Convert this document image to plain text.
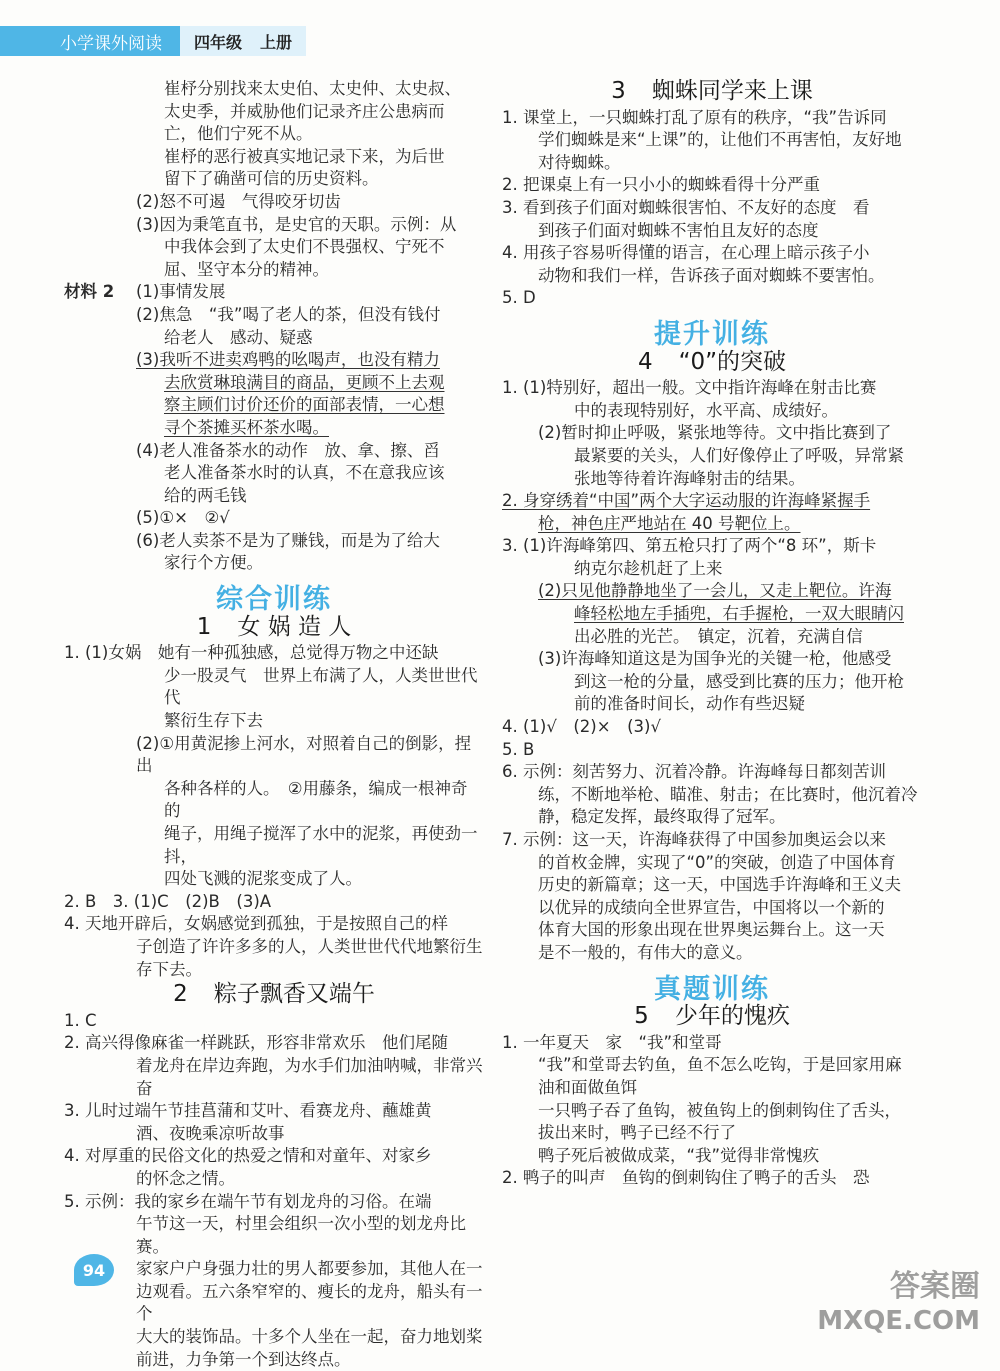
小学课外阅读	四年级 上册
崔杼分别找来太史伯、太史仲、太史叔、
太史季，并威胁他们记录齐庄公患病而
亡，他们宁死不从。
崔杼的恶行被真实地记录下来，为后世
留下了确凿可信的历史资料。
(2)怒不可遏　气得咬牙切齿
(3)因为秉笔直书，是史官的天职。示例：从
中我体会到了太史们不畏强权、宁死不
屈、坚守本分的精神。
材料 2 (1)事情发展
(2)焦急　“我”喝了老人的茶，但没有钱付
给老人　感动、疑惑
(3)我听不进卖鸡鸭的吆喝声，也没有精力
去欣赏琳琅满目的商品，更顾不上去观
察主顾们讨价还价的面部表情，一心想
寻个茶摊买杯茶水喝。
(4)老人准备茶水的动作　放、拿、擦、舀
老人准备茶水时的认真，不在意我应该
给的两毛钱
(5)①×　②√
(6)老人卖茶不是为了赚钱，而是为了给大
家行个方便。
综合训练
1 女 娲 造 人
1. (1)女娲　她有一种孤独感，总觉得万物之中还缺
少一股灵气　世界上布满了人，人类世世代代
繁衍生存下去
(2)①用黄泥掺上河水，对照着自己的倒影，捏出
各种各样的人。　②用藤条，编成一根神奇的
绳子，用绳子搅浑了水中的泥浆，再使劲一抖，
四处飞溅的泥浆变成了人。
2. B　3. (1)C　(2)B　(3)A
4. 天地开辟后，女娲感觉到孤独，于是按照自己的样
子创造了许许多多的人，人类世世代代地繁衍生
存下去。
2 粽子飘香又端午
1. C
2. 高兴得像麻雀一样跳跃，形容非常欢乐　他们尾随
着龙舟在岸边奔跑，为水手们加油呐喊，非常兴奋
3. 儿时过端午节挂菖蒲和艾叶、看赛龙舟、蘸雄黄
酒、夜晚乘凉听故事
4. 对厚重的民俗文化的热爱之情和对童年、对家乡
的怀念之情。
5. 示例：我的家乡在端午节有划龙舟的习俗。在端
午节这一天，村里会组织一次小型的划龙舟比赛。
家家户户身强力壮的男人都要参加，其他人在一
边观看。五六条窄窄的、瘦长的龙舟，船头有一个
大大的装饰品。十多个人坐在一起，奋力地划桨
前进，力争第一个到达终点。
3 蜘蛛同学来上课
1. 课堂上，一只蜘蛛打乱了原有的秩序，“我”告诉同
学们蜘蛛是来“上课”的，让他们不再害怕，友好地
对待蜘蛛。
2. 把课桌上有一只小小的蜘蛛看得十分严重
3. 看到孩子们面对蜘蛛很害怕、不友好的态度　看
到孩子们面对蜘蛛不害怕且友好的态度
4. 用孩子容易听得懂的语言，在心理上暗示孩子小
动物和我们一样，告诉孩子面对蜘蛛不要害怕。
5. D
提升训练
4 “0”的突破
1. (1)特别好，超出一般。文中指许海峰在射击比赛
中的表现特别好，水平高、成绩好。
(2)暂时抑止呼吸，紧张地等待。文中指比赛到了
最紧要的关头，人们好像停止了呼吸，异常紧
张地等待着许海峰射击的结果。
2. 身穿绣着“中国”两个大字运动服的许海峰紧握手
枪，神色庄严地站在 40 号靶位上。
3. (1)许海峰第四、第五枪只打了两个“8 环”，斯卡
纳克尔趁机赶了上来
(2)只见他静静地坐了一会儿，又走上靶位。许海
峰轻松地左手插兜，右手握枪，一双大眼睛闪
出必胜的光芒。　镇定，沉着，充满自信
(3)许海峰知道这是为国争光的关键一枪，他感受
到这一枪的分量，感受到比赛的压力；他开枪
前的准备时间长，动作有些迟疑
4. (1)√　(2)×　(3)√
5. B
6. 示例：刻苦努力、沉着冷静。许海峰每日都刻苦训
练，不断地举枪、瞄准、射击；在比赛时，他沉着冷
静，稳定发挥，最终取得了冠军。
7. 示例：这一天，许海峰获得了中国参加奥运会以来
的首枚金牌，实现了“0”的突破，创造了中国体育
历史的新篇章；这一天，中国选手许海峰和王义夫
以优异的成绩向全世界宣告，中国将以一个新的
体育大国的形象出现在世界奥运舞台上。这一天
是不一般的，有伟大的意义。
真题训练
5 少年的愧疚
1. 一年夏天　家　“我”和堂哥
“我”和堂哥去钓鱼，鱼不怎么吃钩，于是回家用麻
油和面做鱼饵
一只鸭子吞了鱼钩，被鱼钩上的倒刺钩住了舌头，
拔出来时，鸭子已经不行了
鸭子死后被做成菜，“我”觉得非常愧疚
2. 鸭子的叫声　鱼钩的倒刺钩住了鸭子的舌头　恐
94	答案圈
MXQE.COM
